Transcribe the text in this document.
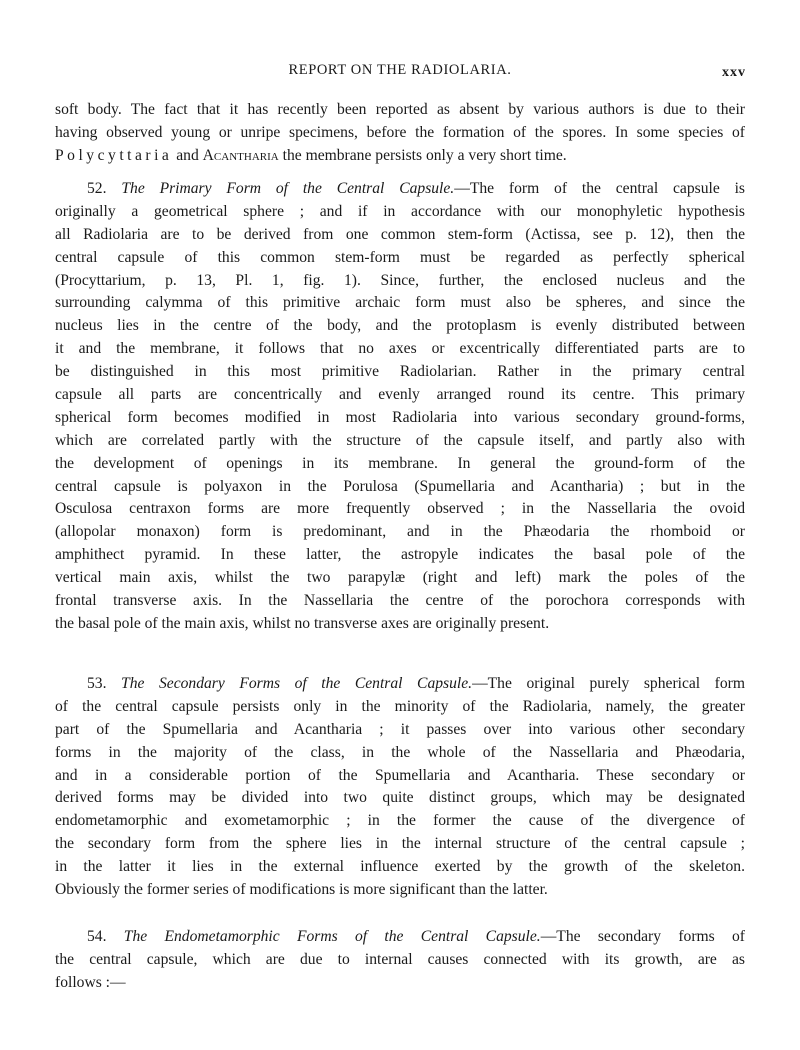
REPORT ON THE RADIOLARIA.	xxv
soft body. The fact that it has recently been reported as absent by various authors is due to their
having observed young or unripe specimens, before the formation of the spores. In some species of
Polycyttaria and Acantharia the membrane persists only a very short time.
52. The Primary Form of the Central Capsule.—The form of the central capsule is
originally a geometrical sphere ; and if in accordance with our monophyletic hypothesis
all Radiolaria are to be derived from one common stem-form (Actissa, see p. 12), then the
central capsule of this common stem-form must be regarded as perfectly spherical
(Procyttarium, p. 13, Pl. 1, fig. 1). Since, further, the enclosed nucleus and the
surrounding calymma of this primitive archaic form must also be spheres, and since the
nucleus lies in the centre of the body, and the protoplasm is evenly distributed between
it and the membrane, it follows that no axes or excentrically differentiated parts are to
be distinguished in this most primitive Radiolarian. Rather in the primary central
capsule all parts are concentrically and evenly arranged round its centre. This primary
spherical form becomes modified in most Radiolaria into various secondary ground-forms,
which are correlated partly with the structure of the capsule itself, and partly also with
the development of openings in its membrane. In general the ground-form of the
central capsule is polyaxon in the Porulosa (Spumellaria and Acantharia) ; but in the
Osculosa centraxon forms are more frequently observed ; in the Nassellaria the ovoid
(allopolar monaxon) form is predominant, and in the Phæodaria the rhomboid or
amphithect pyramid. In these latter, the astropyle indicates the basal pole of the
vertical main axis, whilst the two parapylæ (right and left) mark the poles of the
frontal transverse axis. In the Nassellaria the centre of the porochora corresponds with
the basal pole of the main axis, whilst no transverse axes are originally present.
53. The Secondary Forms of the Central Capsule.—The original purely spherical form
of the central capsule persists only in the minority of the Radiolaria, namely, the greater
part of the Spumellaria and Acantharia ; it passes over into various other secondary
forms in the majority of the class, in the whole of the Nassellaria and Phæodaria,
and in a considerable portion of the Spumellaria and Acantharia. These secondary or
derived forms may be divided into two quite distinct groups, which may be designated
endometamorphic and exometamorphic ; in the former the cause of the divergence of
the secondary form from the sphere lies in the internal structure of the central capsule ;
in the latter it lies in the external influence exerted by the growth of the skeleton.
Obviously the former series of modifications is more significant than the latter.
54. The Endometamorphic Forms of the Central Capsule.—The secondary forms of
the central capsule, which are due to internal causes connected with its growth, are as
follows :—
